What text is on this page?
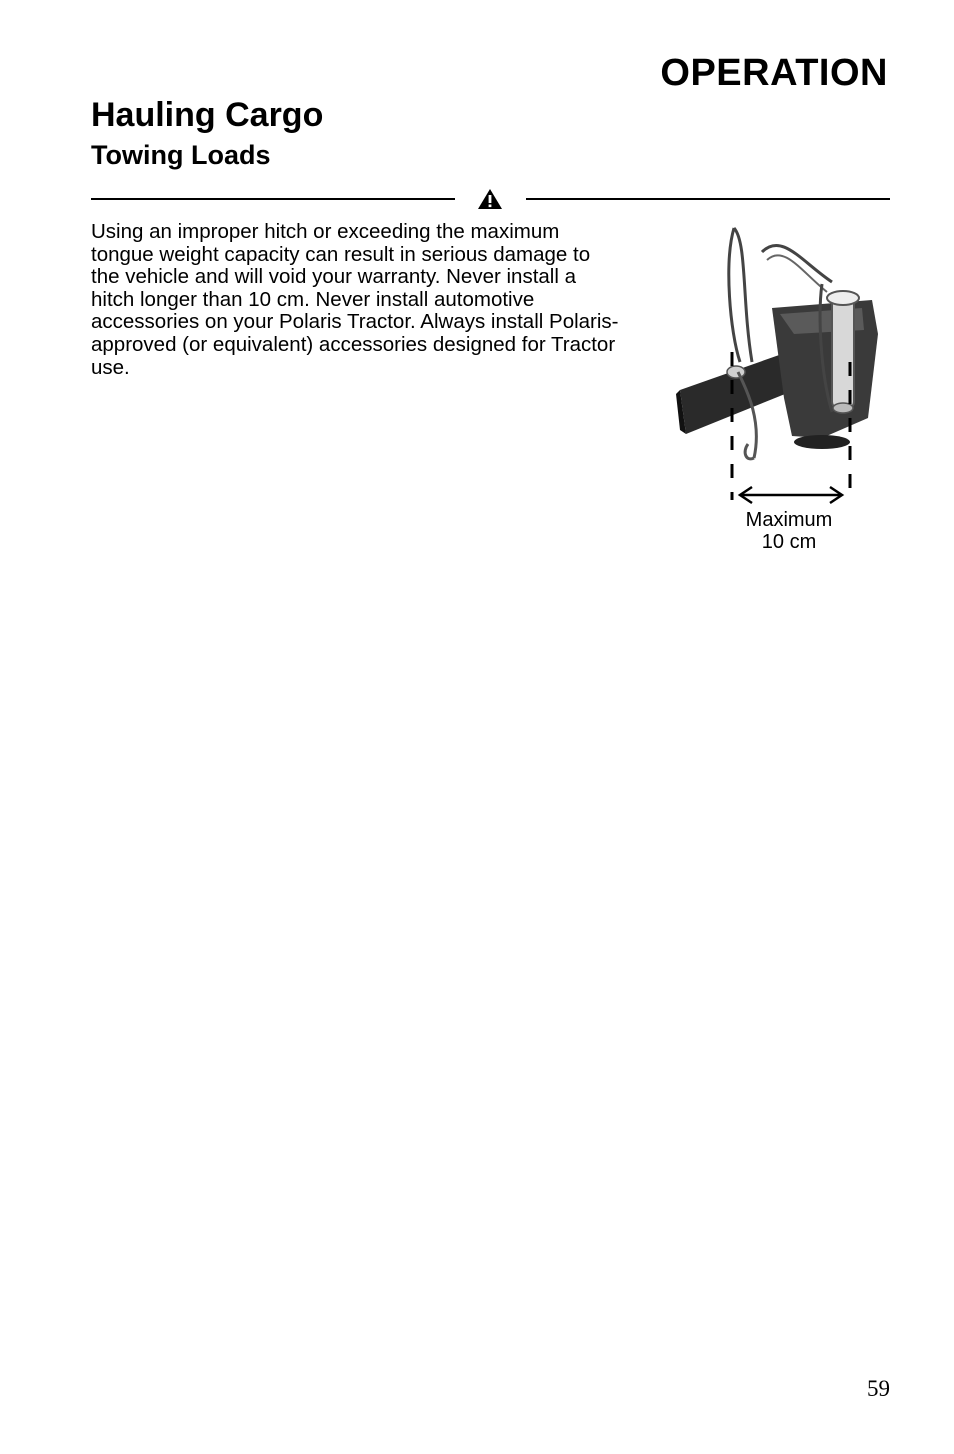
OPERATION
Hauling Cargo
Towing Loads

Using an improper hitch or exceeding the maximum tongue weight capacity can result in serious damage to the vehicle and will void your warranty. Never install a hitch longer than 10 cm. Never install automotive accessories on your Polaris Tractor. Always install Polaris-approved (or equivalent) accessories designed for Tractor use.

Maximum
10 cm
59
